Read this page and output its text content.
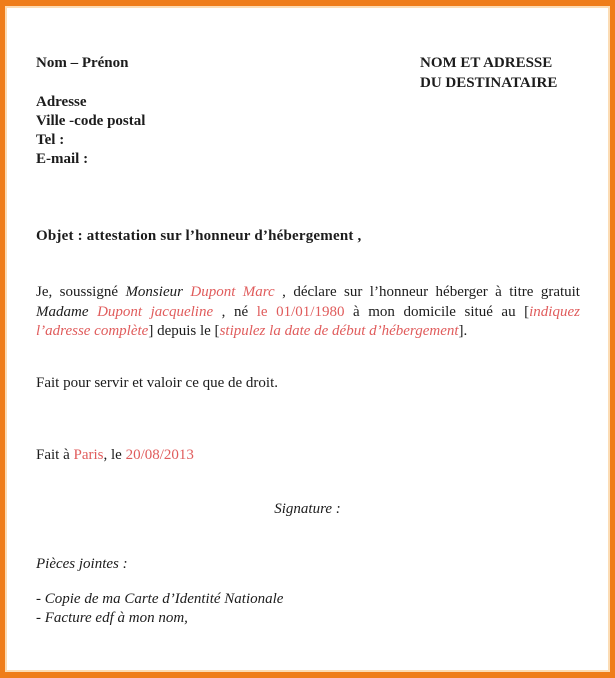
Nom – Prénon
Adresse
Ville -code postal
Tel :
E-mail :
NOM ET ADRESSE
DU DESTINATAIRE
Objet : attestation sur l’honneur d’hébergement ,

Je, soussigné Monsieur Dupont Marc , déclare sur l’honneur héberger à titre gratuit Madame Dupont jacqueline , né le 01/01/1980 à mon domicile situé au [indiquez l’adresse complète] depuis le [stipulez la date de début d’hébergement].

Fait pour servir et valoir ce que de droit.
Fait à Paris, le 20/08/2013
Signature :
Pièces jointes :
- Copie de ma Carte d’Identité Nationale
- Facture edf à mon nom,
